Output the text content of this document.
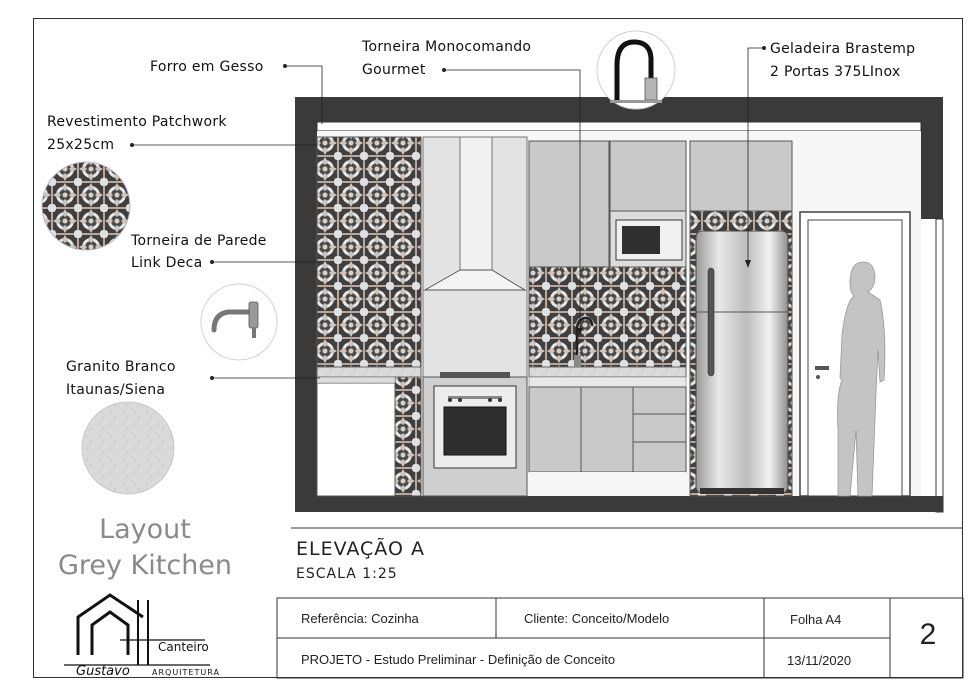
Gustavo
Canteiro
ARQUITETURA
Forro em Gesso
Revestimento Patchwork
25x25cm
Torneira de Parede
Link Deca
Granito Branco
Itaunas/Siena
Torneira Monocomando
Gourmet
Geladeira Brastemp
2 Portas 375LInox
ELEVAÇÃO A
ESCALA 1:25
Layout
Grey Kitchen
Referência: Cozinha	Cliente: Conceito/Modelo	Folha A4	2
PROJETO - Estudo Preliminar - Definição de Conceito	13/11/2020
